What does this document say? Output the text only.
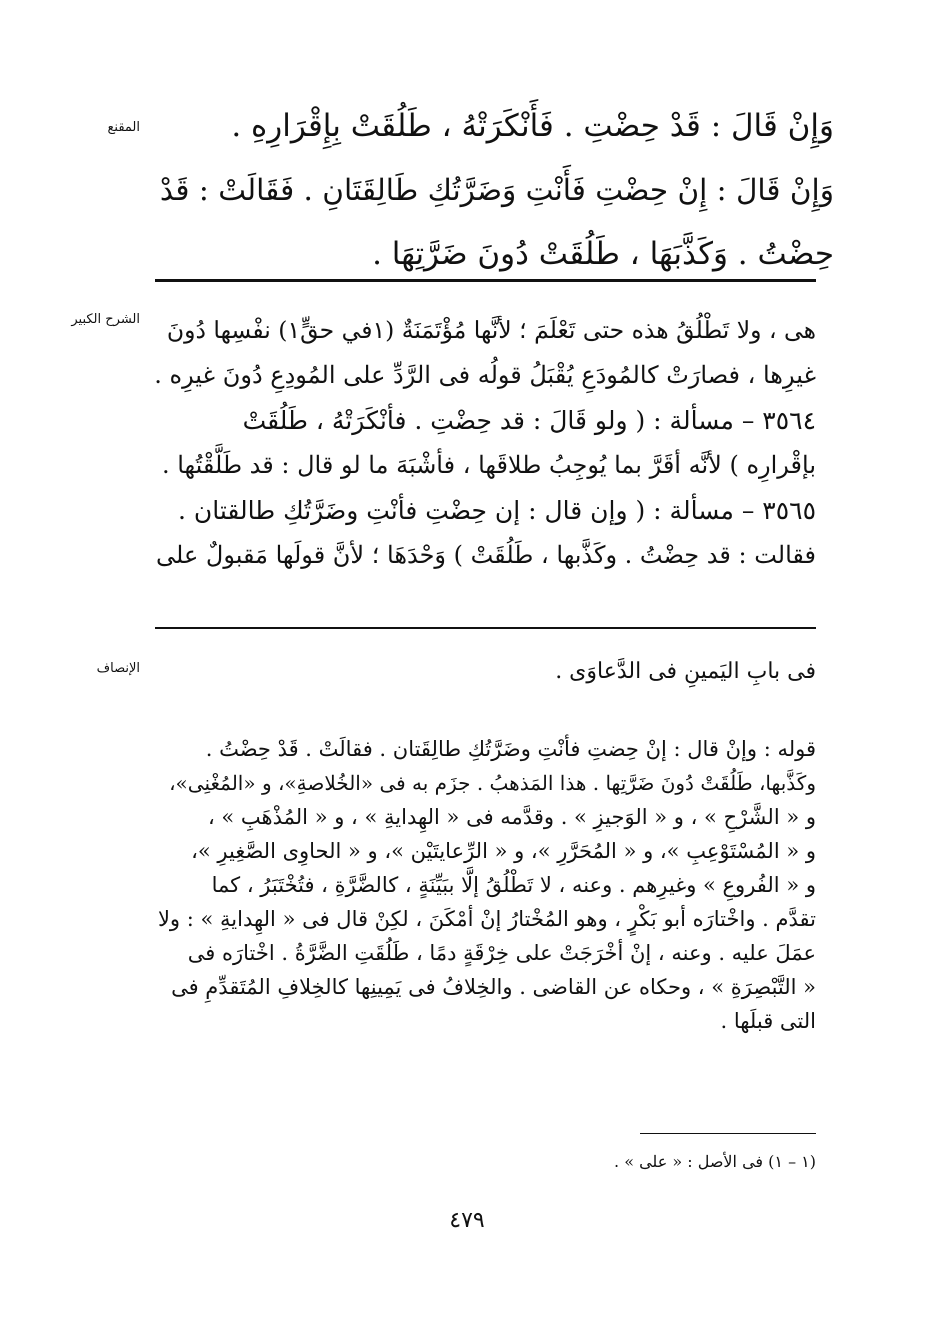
المقنع	وَإِنْ قَالَ : قَدْ حِضْتِ . فَأَنْكَرَتْهُ ، طَلُقَتْ بِإِقْرَارِهِ .
وَإِنْ قَالَ : إِنْ حِضْتِ فَأَنْتِ وَضَرَّتُكِ طَالِقَتَانِ . فَقَالَتْ : قَدْ
حِضْتُ . وَكَذَّبَهَا ، طَلُقَتْ دُونَ ضَرَّتِهَا .
الشرح الكبير	هى ، ولا تَطْلُقُ هذه حتى تَعْلَمَ ؛ لأنَّها مُؤْتَمَنَةٌ (١في حقٍّ١) نفْسِها دُونَ
غيرِها ، فصارَتْ كالمُودَعِ يُقْبَلُ قولُه فى الرَّدِّ على المُودِعِ دُونَ غيرِه .
٣٥٦٤ – مسألة : ( ولو قَالَ : قد حِضْتِ . فأنْكَرَتْهُ ، طَلُقَتْ
بإقْرارِه ) لأنَّه أقَرَّ بما يُوجِبُ طلاقَها ، فأشْبَهَ ما لو قال : قد طَلَّقْتُها .
٣٥٦٥ – مسألة : ( وإن قال : إن حِضْتِ فأنْتِ وضَرَّتُكِ طالقتان .
فقالت : قد حِضْتُ . وكَذَّبها ، طَلُقَتْ ) وَحْدَهَا ؛ لأنَّ قولَها مَقبولٌ على
الإنصاف	فى بابِ اليَمينِ فى الدَّعاوَى .
قوله : وإنْ قال : إنْ حِضتِ فأنْتِ وضَرَّتُكِ طالِقَتان . فقالَتْ . قَدْ حِضْتُ .
وكَذَّبها، طَلُقَتْ دُونَ ضَرَّتِها . هذا المَذهبُ . جزَم به فى «الخُلاصةِ»، و «المُغْنِى»،
و « الشَّرْحِ » ، و « الوَجيزِ » . وقدَّمه فى « الهِدايةِ » ، و « المُذْهَبِ » ،
و « المُسْتَوْعِبِ »، و « المُحَرَّرِ »، و « الرِّعايتَيْن »، و « الحاوِى الصَّغِيرِ »،
و « الفُروعِ » وغيرِهم . وعنه ، لا تَطْلُقُ إلَّا ببَيِّنَةٍ ، كالضَّرَّةِ ، فتُخْتَبَرُ ، كما
تقدَّم . واخْتارَه أبو بَكْرٍ ، وهو المُخْتارُ إنْ أمْكَنَ ، لكِنْ قال فى « الهِدايةِ » : ولا
عمَلَ عليه . وعنه ، إنْ أخْرَجَتْ على خِرْقَةٍ دمًا ، طَلُقَتِ الضَّرَّةُ . اخْتارَه فى
« التَّبْصِرَةِ » ، وحكاه عن القاضى . والخِلافُ فى يَمِينِها كالخِلافِ المُتَقدِّمِ فى
التى قبلَها .
(١ – ١) فى الأصل : « على » .
٤٧٩
